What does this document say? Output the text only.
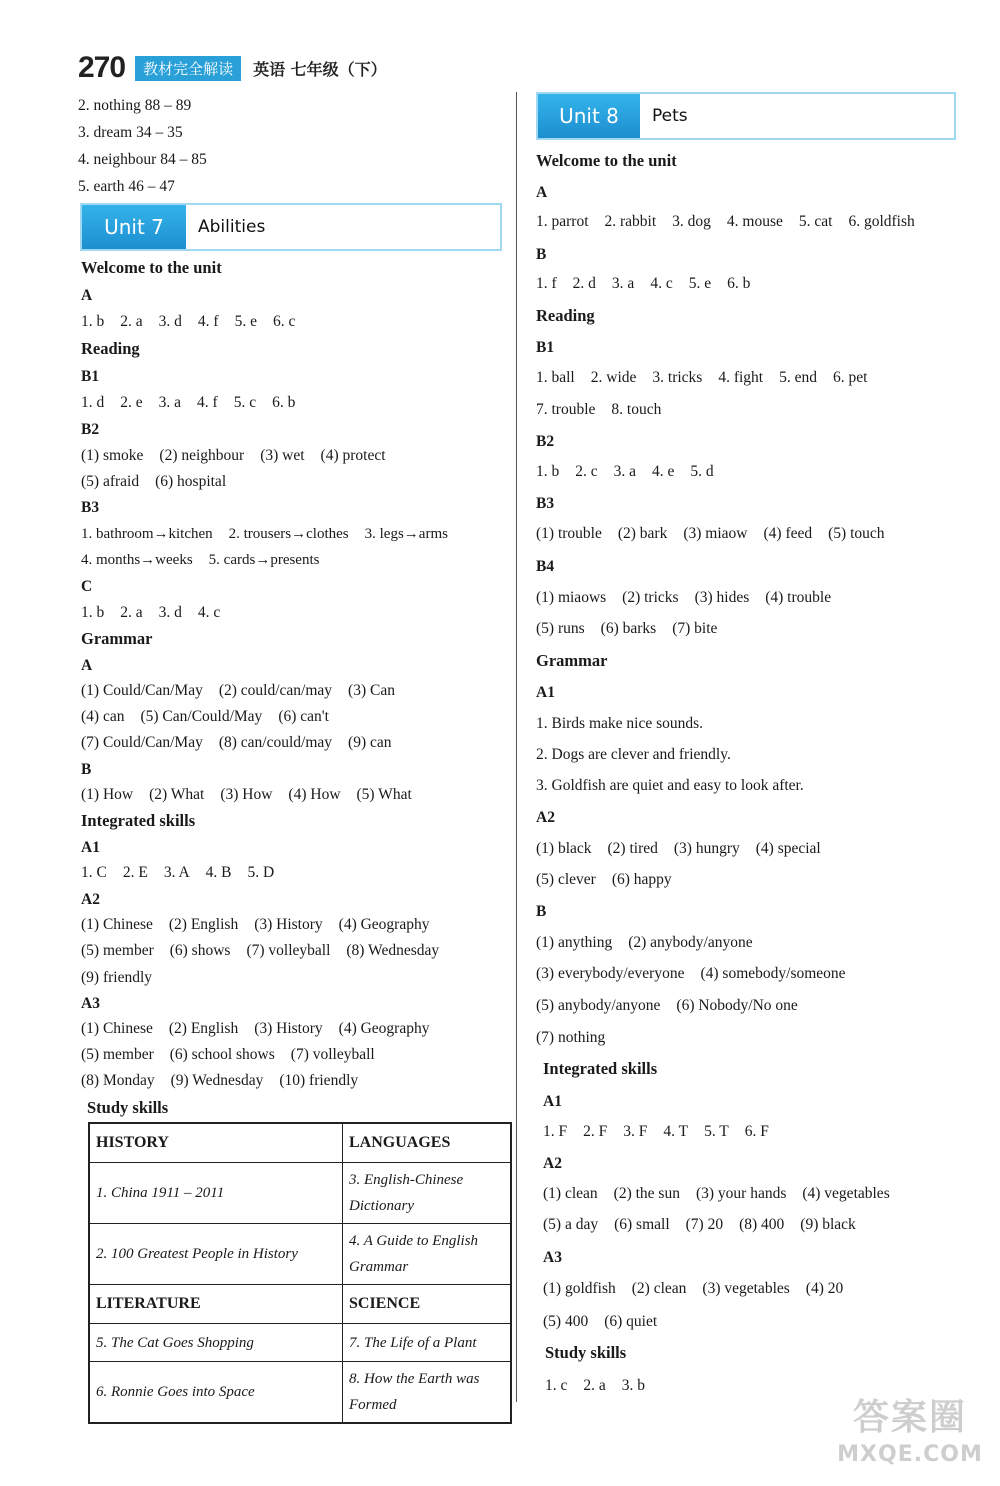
270	教材完全解读	英语 七年级（下）
2. nothing 88 – 89
3. dream 34 – 35
4. neighbour 84 – 85
5. earth 46 – 47
Unit 7	Abilities
Welcome to the unit
A
1. b 2. a 3. d 4. f 5. e 6. c
Reading
B1
1. d 2. e 3. a 4. f 5. c 6. b
B2
(1) smoke (2) neighbour (3) wet (4) protect
(5) afraid (6) hospital
B3
1. bathroom→kitchen 2. trousers→clothes 3. legs→arms
4. months→weeks 5. cards→presents
C
1. b 2. a 3. d 4. c
Grammar
A
(1) Could/Can/May (2) could/can/may (3) Can
(4) can (5) Can/Could/May (6) can't
(7) Could/Can/May (8) can/could/may (9) can
B
(1) How (2) What (3) How (4) How (5) What
Integrated skills
A1
1. C 2. E 3. A 4. B 5. D
A2
(1) Chinese (2) English (3) History (4) Geography
(5) member (6) shows (7) volleyball (8) Wednesday
(9) friendly
A3
(1) Chinese (2) English (3) History (4) Geography
(5) member (6) school shows (7) volleyball
(8) Monday (9) Wednesday (10) friendly
Study skills
HISTORY	LANGUAGES
1. China 1911 – 2011	3. English-Chinese Dictionary
2. 100 Greatest People in History	4. A Guide to English Grammar
LITERATURE	SCIENCE
5. The Cat Goes Shopping	7. The Life of a Plant
6. Ronnie Goes into Space	8. How the Earth was Formed
Unit 8	Pets
Welcome to the unit
A
1. parrot 2. rabbit 3. dog 4. mouse 5. cat 6. goldfish
B
1. f 2. d 3. a 4. c 5. e 6. b
Reading
B1
1. ball 2. wide 3. tricks 4. fight 5. end 6. pet
7. trouble 8. touch
B2
1. b 2. c 3. a 4. e 5. d
B3
(1) trouble (2) bark (3) miaow (4) feed (5) touch
B4
(1) miaows (2) tricks (3) hides (4) trouble
(5) runs (6) barks (7) bite
Grammar
A1
1. Birds make nice sounds.
2. Dogs are clever and friendly.
3. Goldfish are quiet and easy to look after.
A2
(1) black (2) tired (3) hungry (4) special
(5) clever (6) happy
B
(1) anything (2) anybody/anyone
(3) everybody/everyone (4) somebody/someone
(5) anybody/anyone (6) Nobody/No one
(7) nothing
Integrated skills
A1
1. F 2. F 3. F 4. T 5. T 6. F
A2
(1) clean (2) the sun (3) your hands (4) vegetables
(5) a day (6) small (7) 20 (8) 400 (9) black
A3
(1) goldfish (2) clean (3) vegetables (4) 20
(5) 400 (6) quiet
Study skills
1. c 2. a 3. b
答案圈
MXQE.COM
